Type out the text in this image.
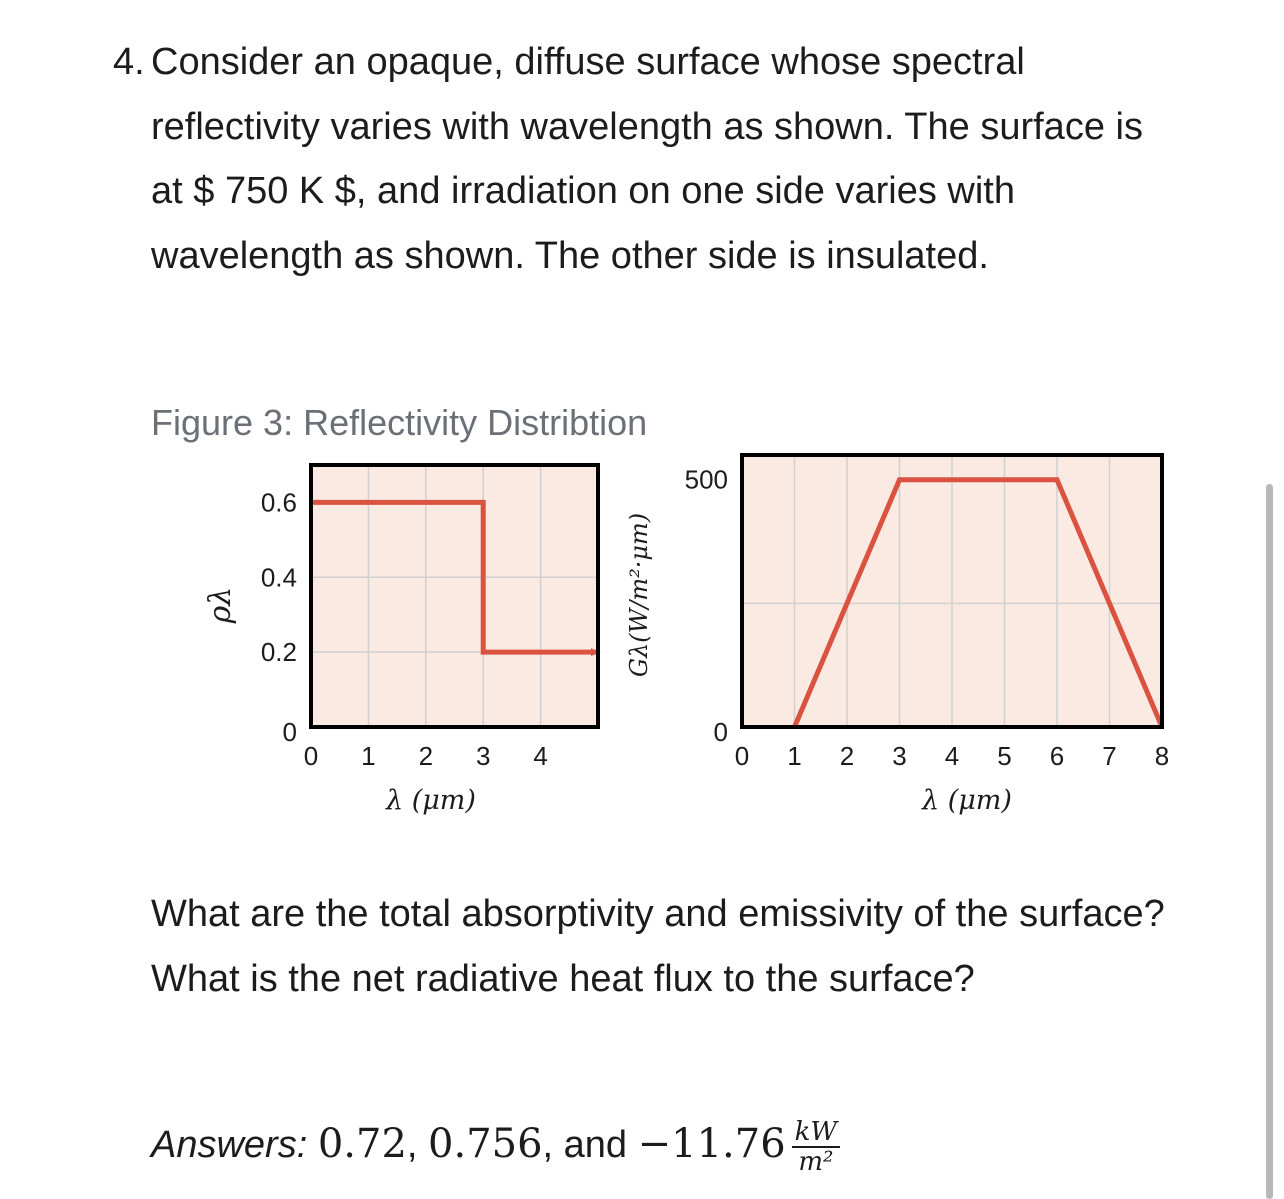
4. Consider an opaque, diffuse surface whose spectral reflectivity varies with wavelength as shown. The surface is at $ 750 K $, and irradiation on one side varies with wavelength as shown. The other side is insulated.
Figure 3: Reflectivity Distribtion
0 1 2 3 4
0
0.2
0.4
0.6
λ (μm)
ρλ
0 1 2 3 4 5 6 7 8
0
500
λ (μm)
Gλ(W/m²·μm)
What are the total absorptivity and emissivity of the surface? What is the net radiative heat flux to the surface?
Answers: 0.72, 0.756, and $-11.76 \frac{kW}{\text{m²}}$
